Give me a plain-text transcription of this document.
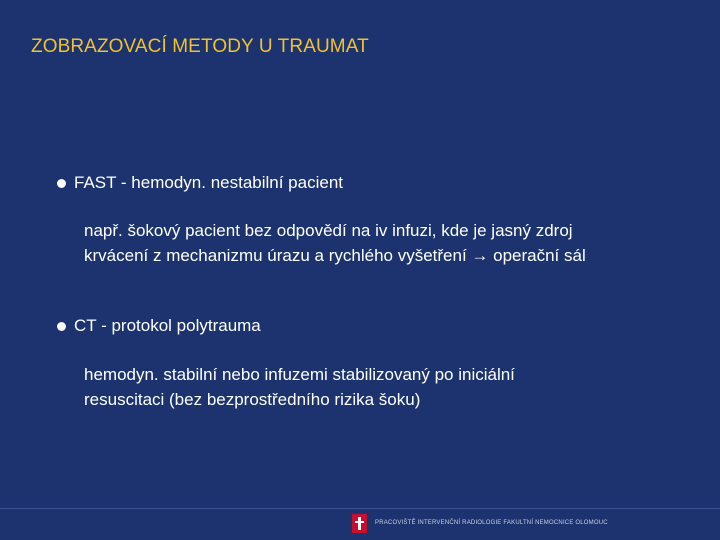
ZOBRAZOVACÍ METODY U TRAUMAT
FAST - hemodyn. nestabilní pacient
např. šokový pacient bez odpovědí na iv infuzi, kde je jasný zdroj
krvácení z mechanizmu úrazu a rychlého vyšetření → operační sál
CT - protokol polytrauma
hemodyn. stabilní nebo infuzemi stabilizovaný po iniciální
resuscitaci (bez bezprostředního rizika šoku)
PRACOVIŠTĚ INTERVENČNÍ RADIOLOGIE FAKULTNÍ NEMOCNICE OLOMOUC
